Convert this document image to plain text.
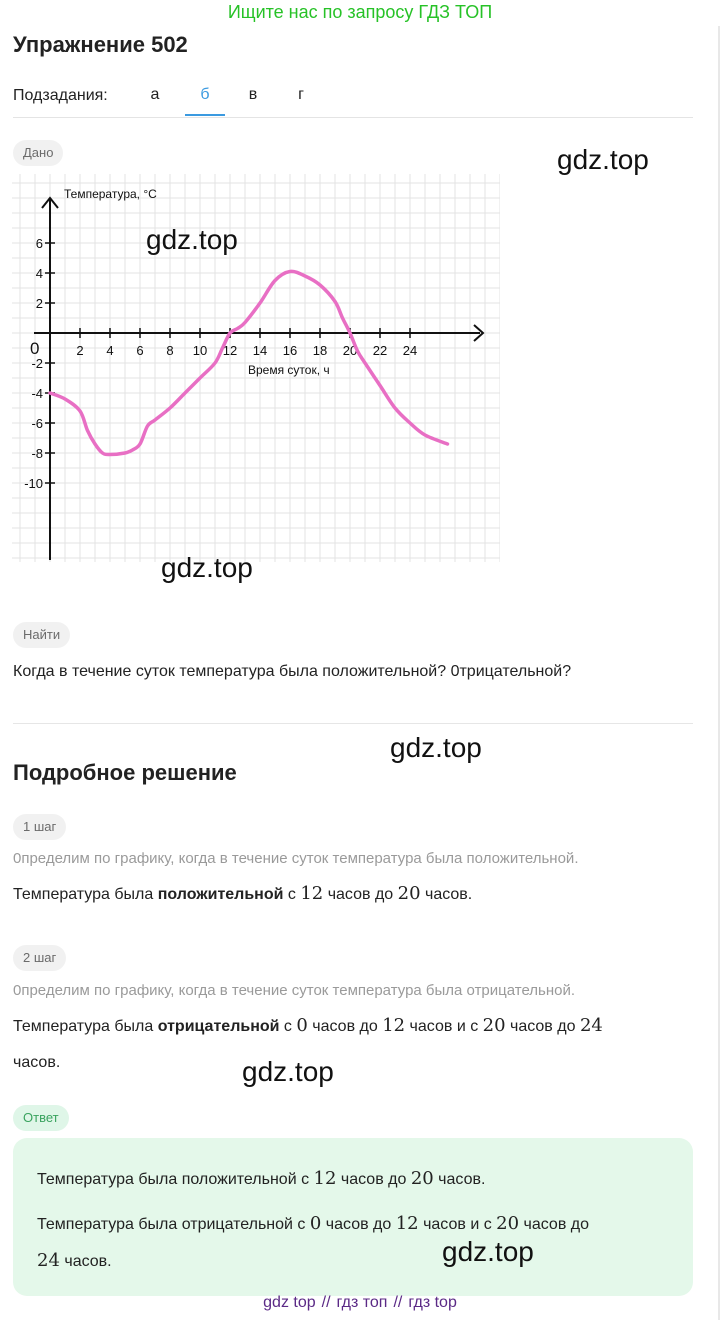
Ищите нас по запросу ГДЗ ТОП
Упражнение 502
Подзадания:	а	б	в	г
Дано	gdz.top
2 4 6 8 10 12 14 16 18 20 22 24
6
4
2
-2
-4
-6
-8
-10
Температура, °C
Время суток, ч
0
gdz.top
gdz.top
Найти
Когда в течение суток температура была положительной? 0трицательной?
gdz.top
Подробное решение
1 шаг
0пределим по графику, когда в течение суток температура была положительной.
Температура была положительной с 12 часов до 20 часов.
2 шаг
0пределим по графику, когда в течение суток температура была отрицательной.
Температура была отрицательной с 0 часов до 12 часов и с 20 часов до 24
часов.	gdz.top
Ответ
Температура была положительной с 12 часов до 20 часов.
Температура была отрицательной с 0 часов до 12 часов и с 20 часов до
24 часов.	gdz.top
gdz top // гдз топ // гдз top
